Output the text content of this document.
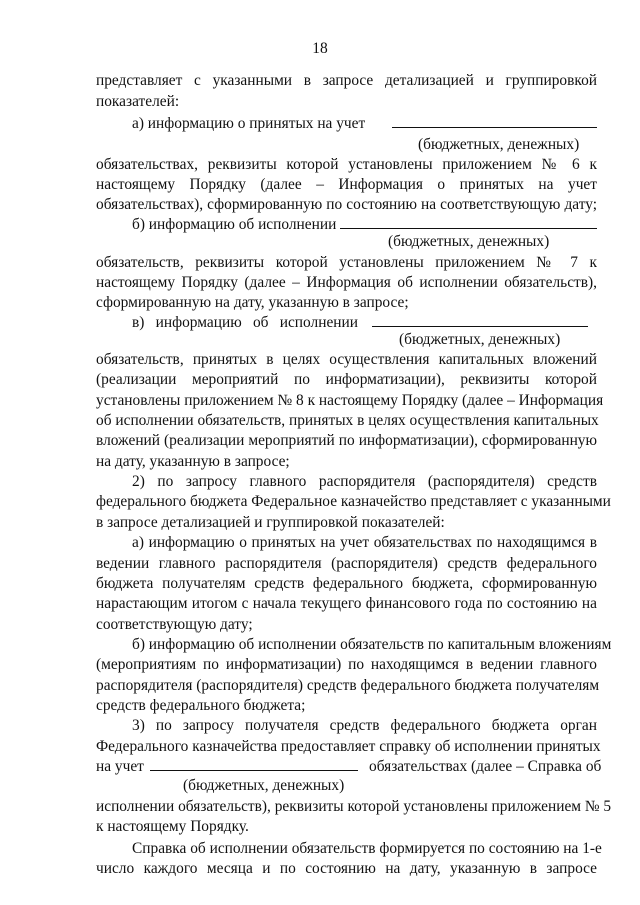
18
представляет с указанными в запросе детализацией и группировкой
показателей:
а) информацию о принятых на учет
(бюджетных, денежных)
обязательствах, реквизиты которой установлены приложением № 6 к
настоящему Порядку (далее – Информация о принятых на учет
обязательствах), сформированную по состоянию на соответствующую дату;
б) информацию об исполнении
(бюджетных, денежных)
обязательств, реквизиты которой установлены приложением № 7 к
настоящему Порядку (далее – Информация об исполнении обязательств),
сформированную на дату, указанную в запросе;
в) информацию об исполнении
(бюджетных, денежных)
обязательств, принятых в целях осуществления капитальных вложений
(реализации мероприятий по информатизации), реквизиты которой
установлены приложением № 8 к настоящему Порядку (далее – Информация
об исполнении обязательств, принятых в целях осуществления капитальных
вложений (реализации мероприятий по информатизации), сформированную
на дату, указанную в запросе;
2) по запросу главного распорядителя (распорядителя) средств
федерального бюджета Федеральное казначейство представляет с указанными
в запросе детализацией и группировкой показателей:
а) информацию о принятых на учет обязательствах по находящимся в
ведении главного распорядителя (распорядителя) средств федерального
бюджета получателям средств федерального бюджета, сформированную
нарастающим итогом с начала текущего финансового года по состоянию на
соответствующую дату;
б) информацию об исполнении обязательств по капитальным вложениям
(мероприятиям по информатизации) по находящимся в ведении главного
распорядителя (распорядителя) средств федерального бюджета получателям
средств федерального бюджета;
3) по запросу получателя средств федерального бюджета орган
Федерального казначейства предоставляет справку об исполнении принятых
на учет	обязательствах (далее – Справка об
(бюджетных, денежных)
исполнении обязательств), реквизиты которой установлены приложением № 5
к настоящему Порядку.
Справка об исполнении обязательств формируется по состоянию на 1-е
число каждого месяца и по состоянию на дату, указанную в запросе
